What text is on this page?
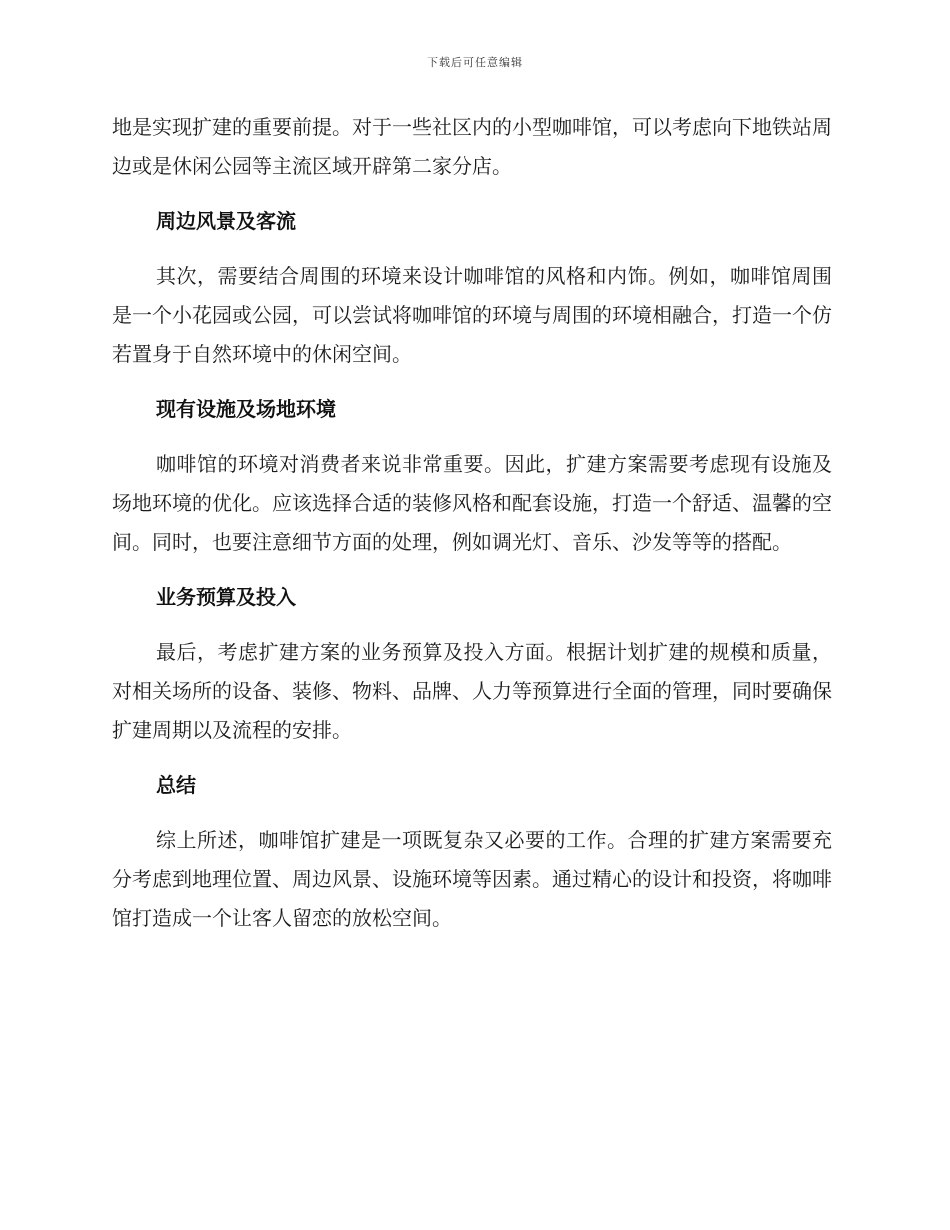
下载后可任意编辑

地是实现扩建的重要前提。对于一些社区内的小型咖啡馆，可以考虑向下地铁站周边或是休闲公园等主流区域开辟第二家分店。

周边风景及客流

其次，需要结合周围的环境来设计咖啡馆的风格和内饰。例如，咖啡馆周围是一个小花园或公园，可以尝试将咖啡馆的环境与周围的环境相融合，打造一个仿若置身于自然环境中的休闲空间。

现有设施及场地环境

咖啡馆的环境对消费者来说非常重要。因此，扩建方案需要考虑现有设施及场地环境的优化。应该选择合适的装修风格和配套设施，打造一个舒适、温馨的空间。同时，也要注意细节方面的处理，例如调光灯、音乐、沙发等等的搭配。

业务预算及投入

最后，考虑扩建方案的业务预算及投入方面。根据计划扩建的规模和质量，对相关场所的设备、装修、物料、品牌、人力等预算进行全面的管理，同时要确保扩建周期以及流程的安排。

总结

综上所述，咖啡馆扩建是一项既复杂又必要的工作。合理的扩建方案需要充分考虑到地理位置、周边风景、设施环境等因素。通过精心的设计和投资，将咖啡馆打造成一个让客人留恋的放松空间。
